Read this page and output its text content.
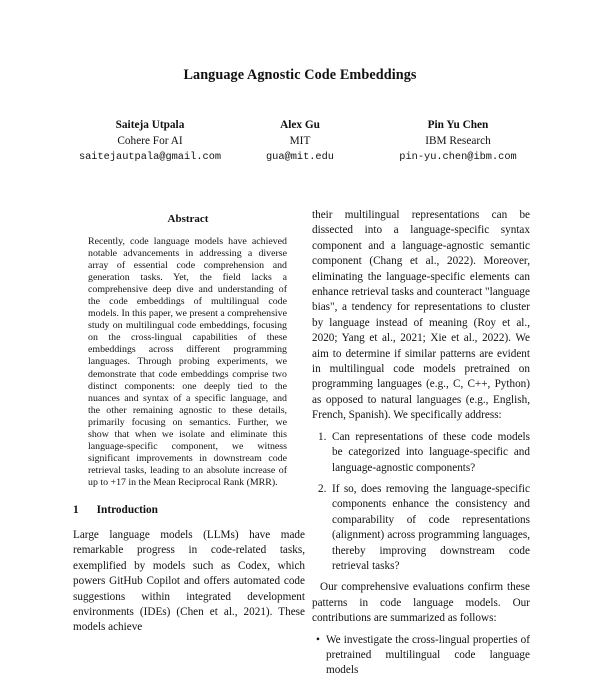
Language Agnostic Code Embeddings
Saiteja Utpala
Cohere For AI
saitejautpala@gmail.com
Alex Gu
MIT
gua@mit.edu
Pin Yu Chen
IBM Research
pin-yu.chen@ibm.com
Abstract
Recently, code language models have achieved notable advancements in addressing a diverse array of essential code comprehension and generation tasks. Yet, the field lacks a comprehensive deep dive and understanding of the code embeddings of multilingual code models. In this paper, we present a comprehensive study on multilingual code embeddings, focusing on the cross-lingual capabilities of these embeddings across different programming languages. Through probing experiments, we demonstrate that code embeddings comprise two distinct components: one deeply tied to the nuances and syntax of a specific language, and the other remaining agnostic to these details, primarily focusing on semantics. Further, we show that when we isolate and eliminate this language-specific component, we witness significant improvements in downstream code retrieval tasks, leading to an absolute increase of up to +17 in the Mean Reciprocal Rank (MRR).
1 Introduction
Large language models (LLMs) have made remarkable progress in code-related tasks, exemplified by models such as Codex, which powers GitHub Copilot and offers automated code suggestions within integrated development environments (IDEs) (Chen et al., 2021). These models achieve

their multilingual representations can be dissected into a language-specific syntax component and a language-agnostic semantic component (Chang et al., 2022). Moreover, eliminating the language-specific elements can enhance retrieval tasks and counteract "language bias", a tendency for representations to cluster by language instead of meaning (Roy et al., 2020; Yang et al., 2021; Xie et al., 2022). We aim to determine if similar patterns are evident in multilingual code models pretrained on programming languages (e.g., C, C++, Python) as opposed to natural languages (e.g., English, French, Spanish). We specifically address:

1. Can representations of these code models be categorized into language-specific and language-agnostic components?
2. If so, does removing the language-specific components enhance the consistency and comparability of code representations (alignment) across programming languages, thereby improving downstream code retrieval tasks?

Our comprehensive evaluations confirm these patterns in code language models. Our contributions are summarized as follows:

• We investigate the cross-lingual properties of pretrained multilingual code language models
